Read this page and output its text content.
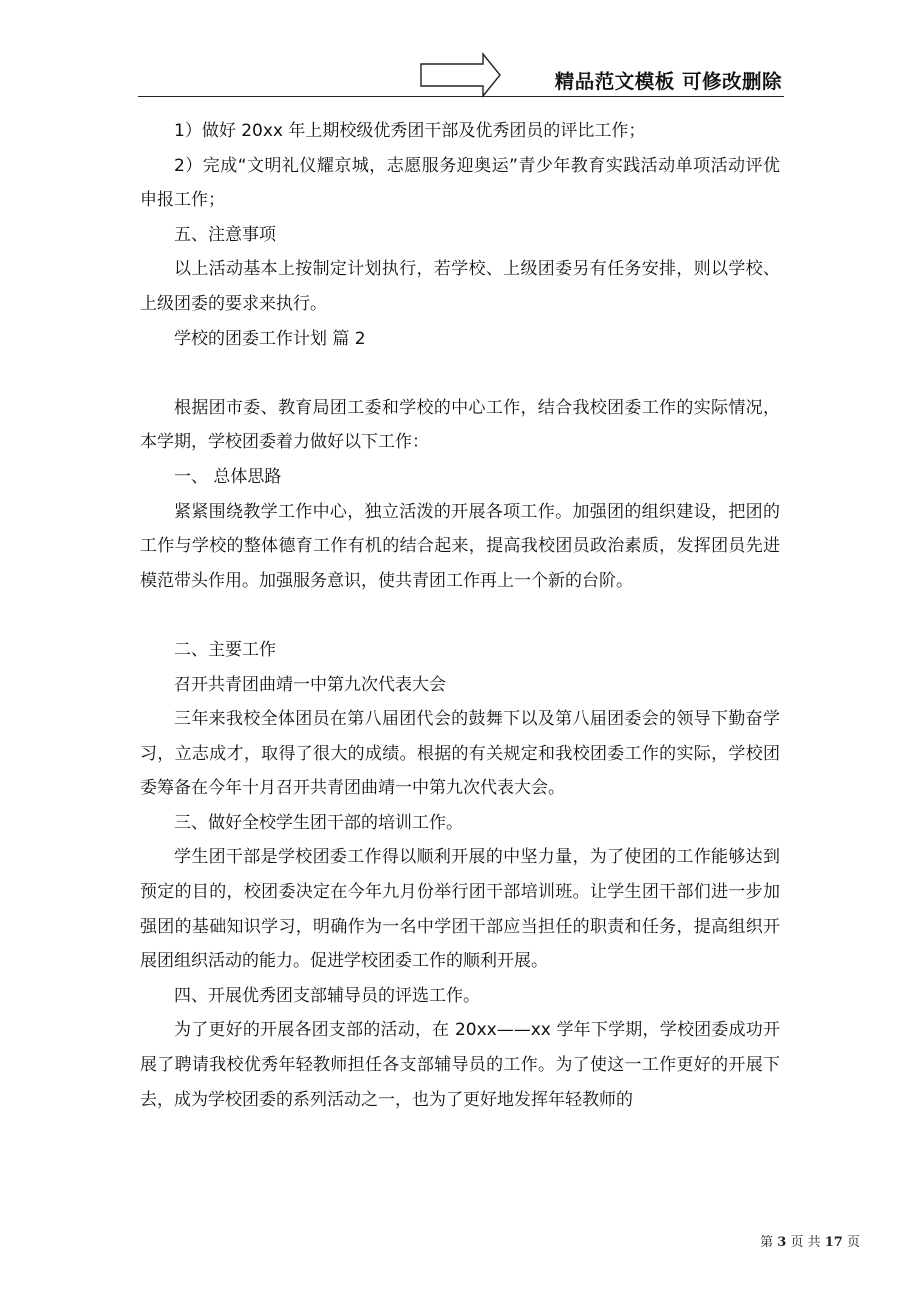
精品范文模板 可修改删除

1）做好 20xx 年上期校级优秀团干部及优秀团员的评比工作；

2）完成“文明礼仪耀京城，志愿服务迎奥运”青少年教育实践活动单项活动评优申报工作；

五、注意事项

以上活动基本上按制定计划执行，若学校、上级团委另有任务安排，则以学校、上级团委的要求来执行。

学校的团委工作计划 篇 2

根据团市委、教育局团工委和学校的中心工作，结合我校团委工作的实际情况，本学期，学校团委着力做好以下工作：

一、 总体思路

紧紧围绕教学工作中心，独立活泼的开展各项工作。加强团的组织建设，把团的工作与学校的整体德育工作有机的结合起来，提高我校团员政治素质，发挥团员先进模范带头作用。加强服务意识，使共青团工作再上一个新的台阶。

二、主要工作

召开共青团曲靖一中第九次代表大会

三年来我校全体团员在第八届团代会的鼓舞下以及第八届团委会的领导下勤奋学习，立志成才，取得了很大的成绩。根据的有关规定和我校团委工作的实际，学校团委筹备在今年十月召开共青团曲靖一中第九次代表大会。

三、做好全校学生团干部的培训工作。

学生团干部是学校团委工作得以顺利开展的中坚力量，为了使团的工作能够达到预定的目的，校团委决定在今年九月份举行团干部培训班。让学生团干部们进一步加强团的基础知识学习，明确作为一名中学团干部应当担任的职责和任务，提高组织开展团组织活动的能力。促进学校团委工作的顺利开展。

四、开展优秀团支部辅导员的评选工作。

为了更好的开展各团支部的活动，在 20xx——xx 学年下学期，学校团委成功开展了聘请我校优秀年轻教师担任各支部辅导员的工作。为了使这一工作更好的开展下去，成为学校团委的系列活动之一，也为了更好地发挥年轻教师的

第 3 页 共 17 页
